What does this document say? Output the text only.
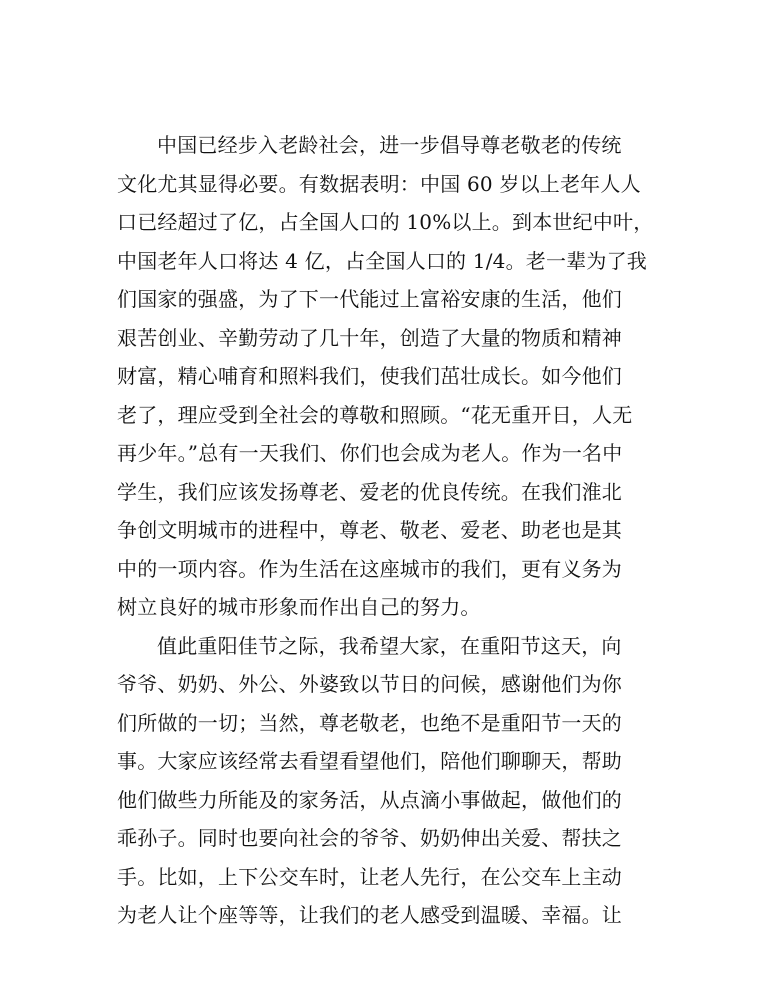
中国已经步入老龄社会，进一步倡导尊老敬老的传统
文化尤其显得必要。有数据表明：中国 60 岁以上老年人人
口已经超过了亿，占全国人口的 10%以上。到本世纪中叶，
中国老年人口将达 4 亿，占全国人口的 1/4。老一辈为了我
们国家的强盛，为了下一代能过上富裕安康的生活，他们
艰苦创业、辛勤劳动了几十年，创造了大量的物质和精神
财富，精心哺育和照料我们，使我们茁壮成长。如今他们
老了，理应受到全社会的尊敬和照顾。“花无重开日，人无
再少年。”总有一天我们、你们也会成为老人。作为一名中
学生，我们应该发扬尊老、爱老的优良传统。在我们淮北
争创文明城市的进程中，尊老、敬老、爱老、助老也是其
中的一项内容。作为生活在这座城市的我们，更有义务为
树立良好的城市形象而作出自己的努力。
值此重阳佳节之际，我希望大家，在重阳节这天，向
爷爷、奶奶、外公、外婆致以节日的问候，感谢他们为你
们所做的一切；当然，尊老敬老，也绝不是重阳节一天的
事。大家应该经常去看望看望他们，陪他们聊聊天，帮助
他们做些力所能及的家务活，从点滴小事做起，做他们的
乖孙子。同时也要向社会的爷爷、奶奶伸出关爱、帮扶之
手。比如，上下公交车时，让老人先行，在公交车上主动
为老人让个座等等，让我们的老人感受到温暖、幸福。让
